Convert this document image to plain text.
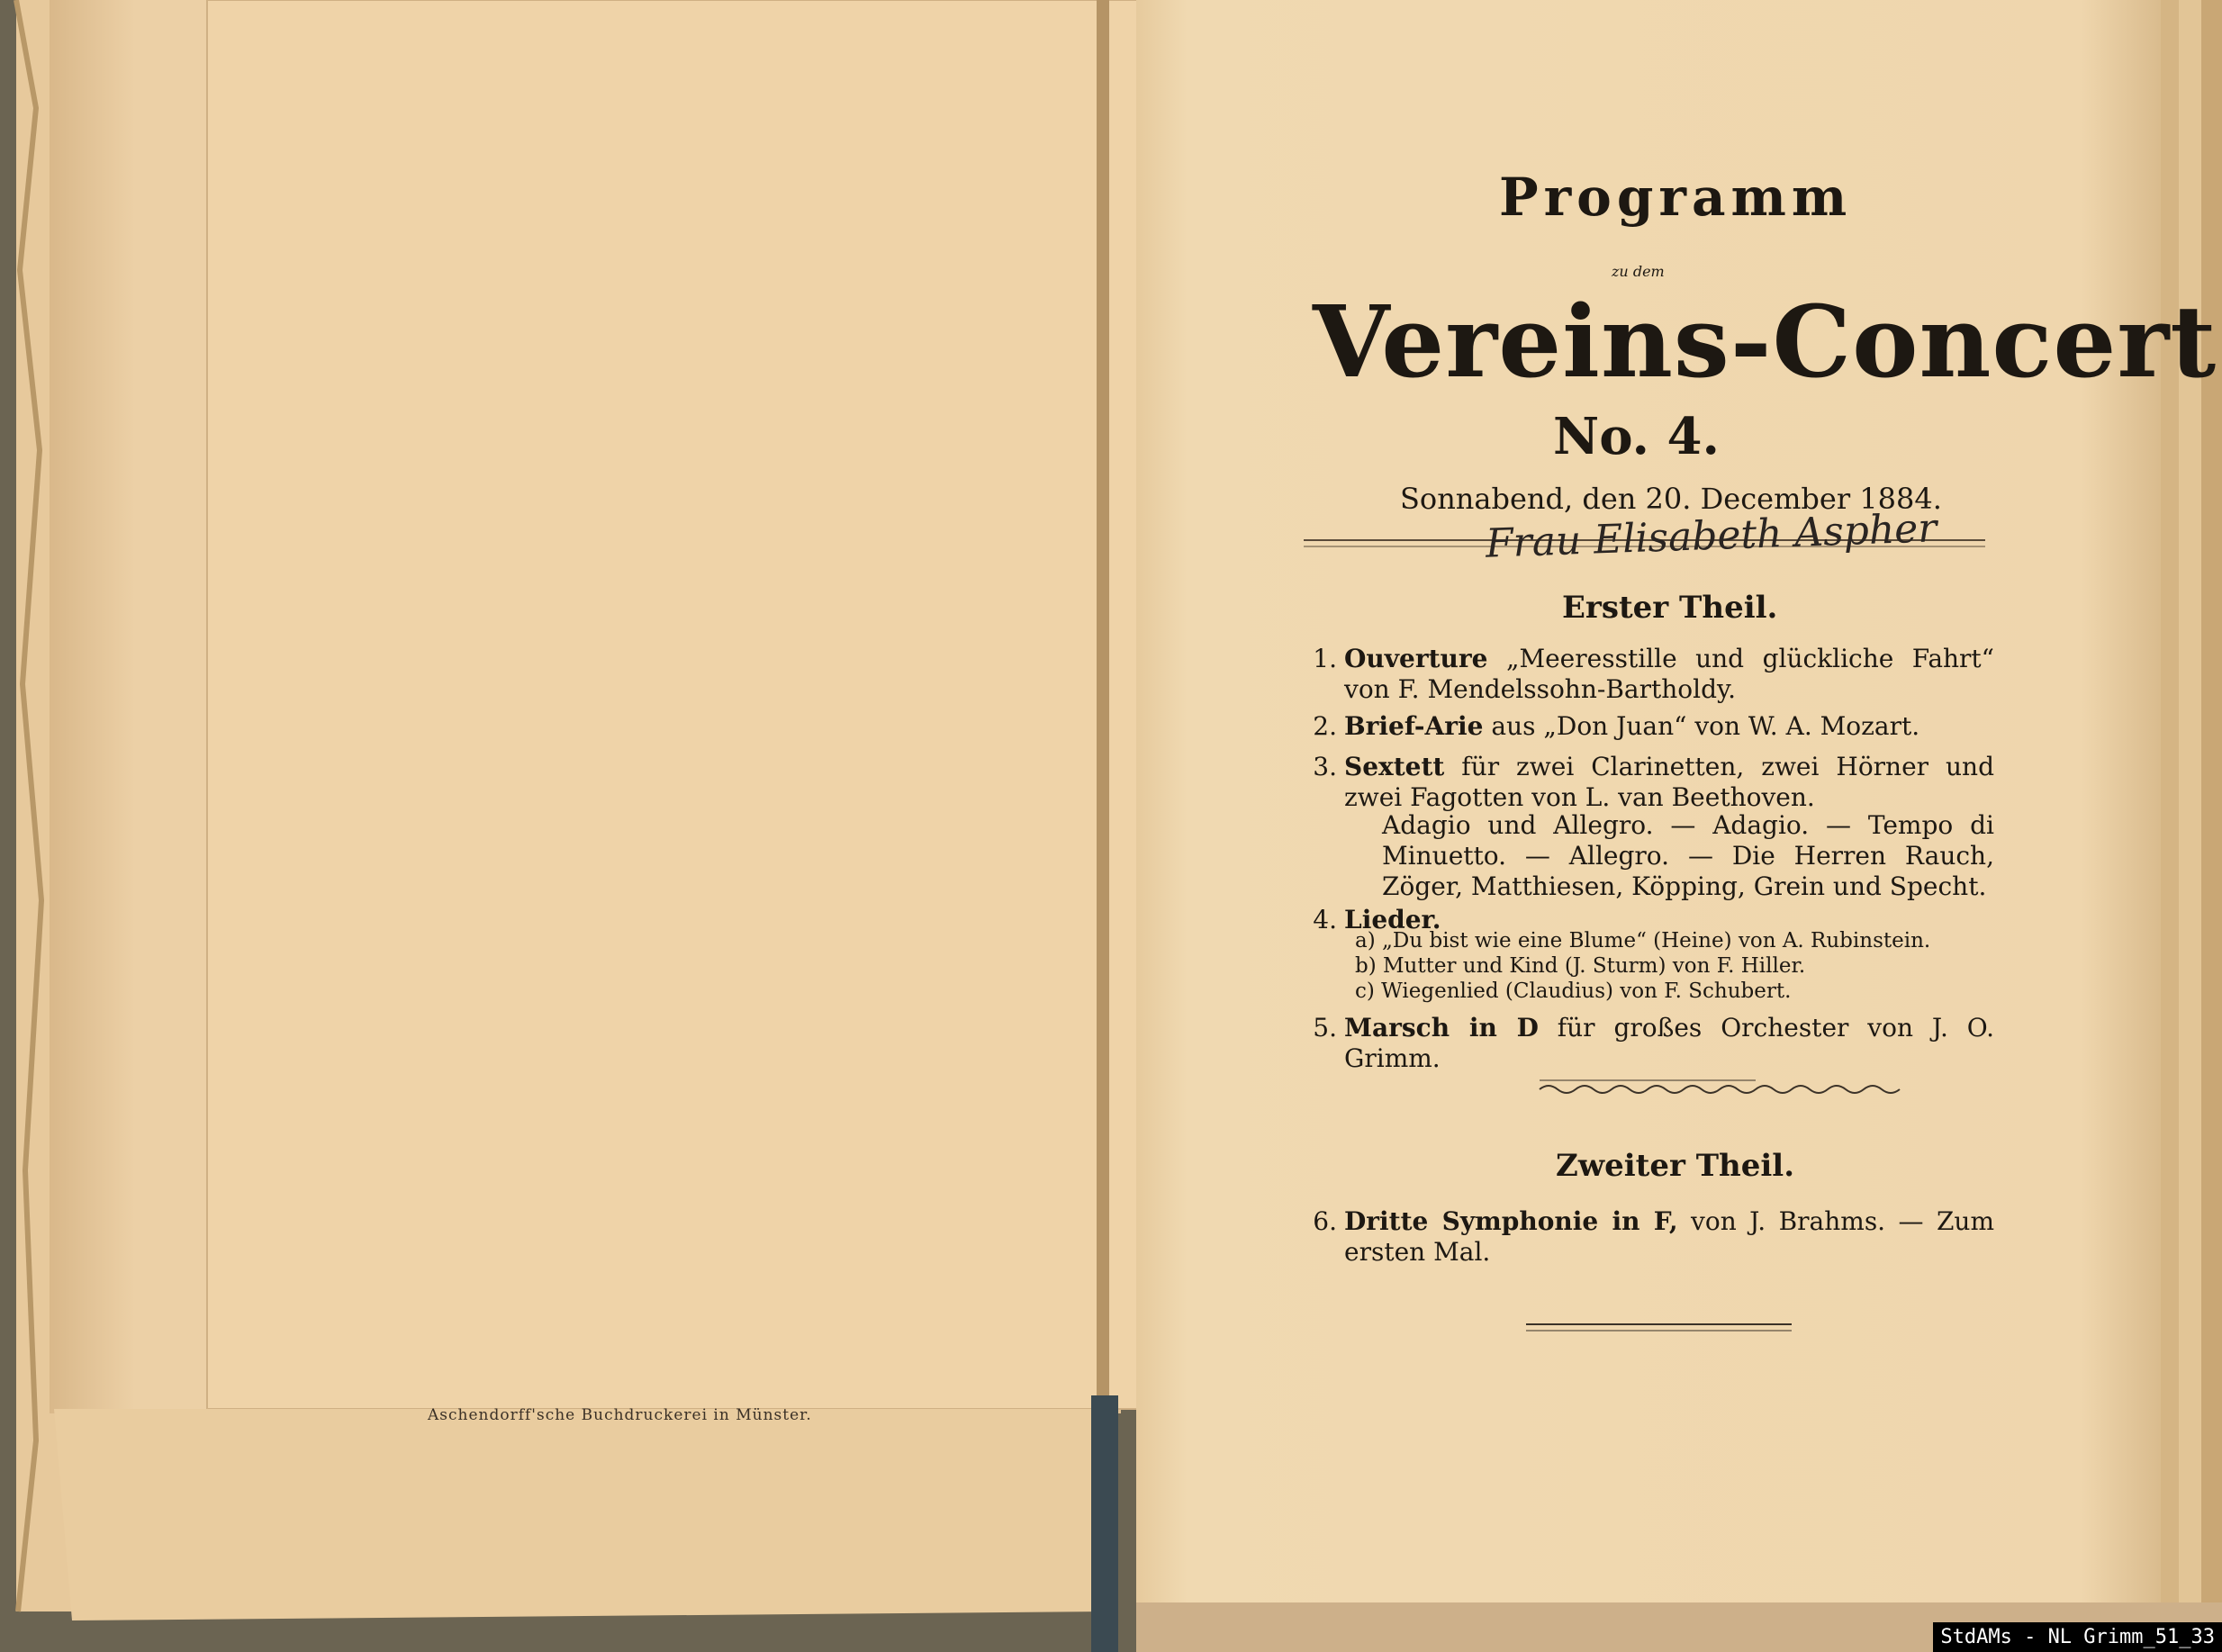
Aschendorff'sche Buchdruckerei in Münster.
Programm
zu dem
Vereins-Concert
No. 4.
Sonnabend, den 20. December 1884.
Frau Elisabeth Aspher
Erster Theil.
1. Ouverture „Meeresstille und glückliche Fahrt“ von F. Mendelssohn-Bartholdy.
2. Brief-Arie aus „Don Juan“ von W. A. Mozart.
3. Sextett für zwei Clarinetten, zwei Hörner und zwei Fagotten von L. van Beethoven.
Adagio und Allegro. — Adagio. — Tempo di Minuetto. — Allegro. — Die Herren Rauch, Zöger, Matthiesen, Köpping, Grein und Specht.
4. Lieder.
a) „Du bist wie eine Blume“ (Heine) von A. Rubinstein.
b) Mutter und Kind (J. Sturm) von F. Hiller.
c) Wiegenlied (Claudius) von F. Schubert.
5. Marsch in D für großes Orchester von J. O. Grimm.
Zweiter Theil.
6. Dritte Symphonie in F, von J. Brahms. — Zum ersten Mal.
StdAMs - NL Grimm_51_33
